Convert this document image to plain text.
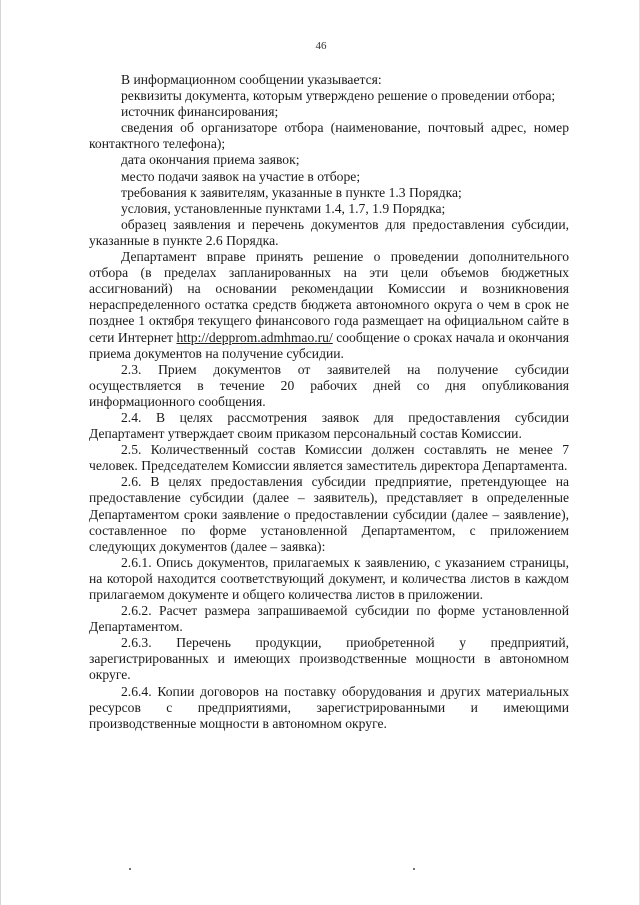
46

В информационном сообщении указывается:

реквизиты документа, которым утверждено решение о проведении отбора;

источник финансирования;

сведения об организаторе отбора (наименование, почтовый адрес, номер контактного телефона);

дата окончания приема заявок;

место подачи заявок на участие в отборе;

требования к заявителям, указанные в пункте 1.3 Порядка;

условия, установленные пунктами 1.4, 1.7, 1.9 Порядка;

образец заявления и перечень документов для предоставления субсидии, указанные в пункте 2.6 Порядка.

Департамент вправе принять решение о проведении дополнительного отбора (в пределах запланированных на эти цели объемов бюджетных ассигнований) на основании рекомендации Комиссии и возникновения нераспределенного остатка средств бюджета автономного округа о чем в срок не позднее 1 октября текущего финансового года размещает на официальном сайте в сети Интернет http://depprom.admhmao.ru/ сообщение о сроках начала и окончания приема документов на получение субсидии.

2.3. Прием документов от заявителей на получение субсидии осуществляется в течение 20 рабочих дней со дня опубликования информационного сообщения.

2.4. В целях рассмотрения заявок для предоставления субсидии Департамент утверждает своим приказом персональный состав Комиссии.

2.5. Количественный состав Комиссии должен составлять не менее 7 человек. Председателем Комиссии является заместитель директора Департамента.

2.6. В целях предоставления субсидии предприятие, претендующее на предоставление субсидии (далее – заявитель), представляет в определенные Департаментом сроки заявление о предоставлении субсидии (далее – заявление), составленное по форме установленной Департаментом, с приложением следующих документов (далее – заявка):

2.6.1. Опись документов, прилагаемых к заявлению, с указанием страницы, на которой находится соответствующий документ, и количества листов в каждом прилагаемом документе и общего количества листов в приложении.

2.6.2. Расчет размера запрашиваемой субсидии по форме установленной Департаментом.

2.6.3. Перечень продукции, приобретенной у предприятий, зарегистрированных и имеющих производственные мощности в автономном округе.

2.6.4. Копии договоров на поставку оборудования и других материальных ресурсов с предприятиями, зарегистрированными и имеющими производственные мощности в автономном округе.
